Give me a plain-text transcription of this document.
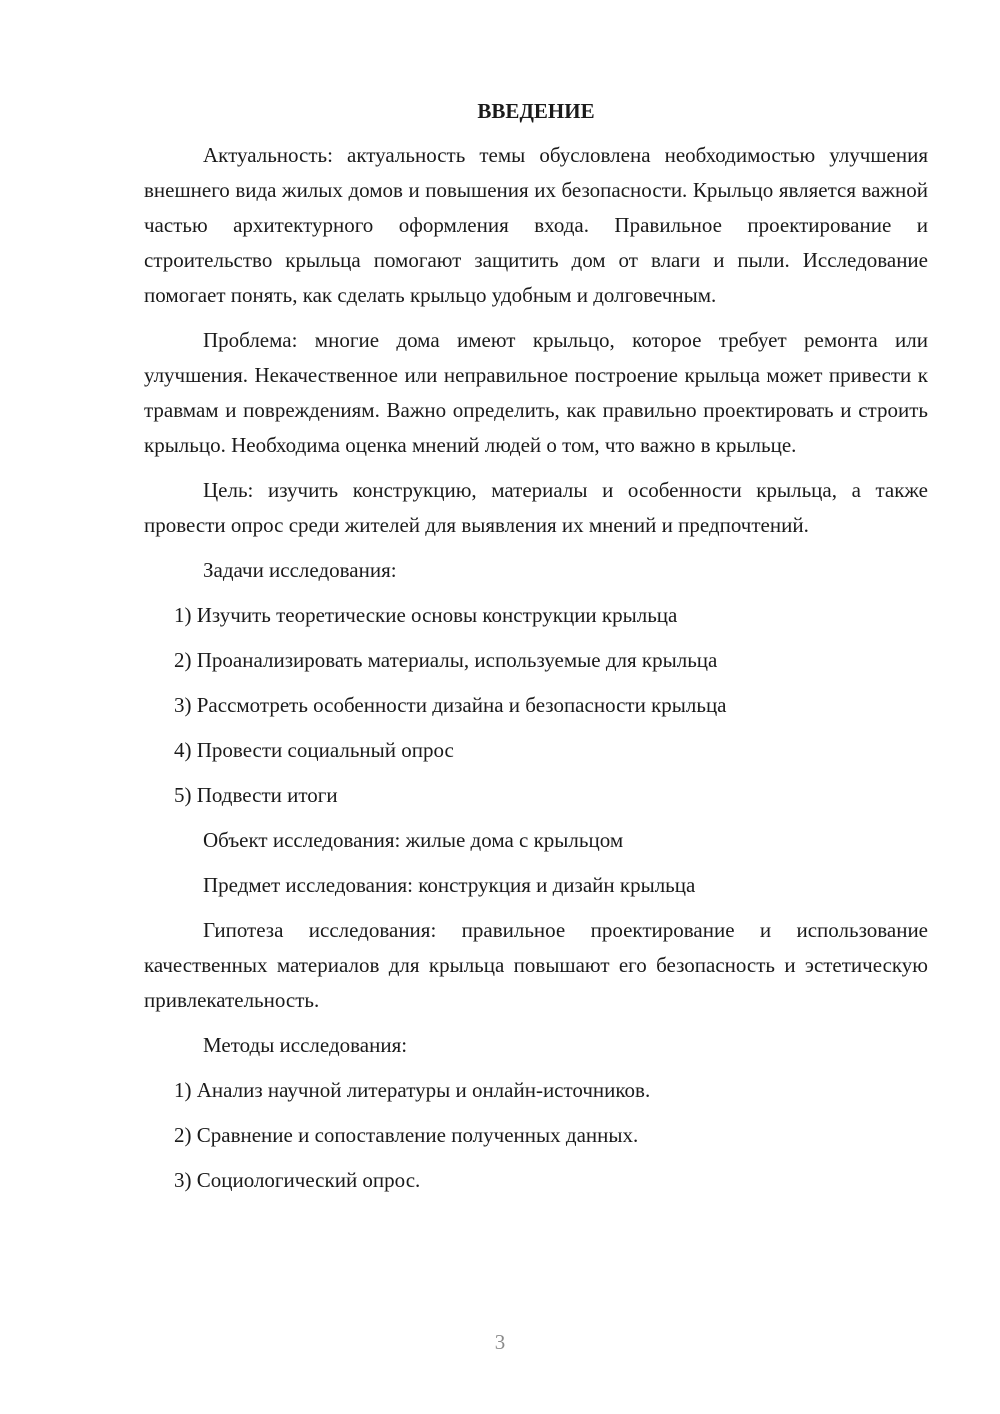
ВВЕДЕНИЕ

Актуальность: актуальность темы обусловлена необходимостью улучшения внешнего вида жилых домов и повышения их безопасности. Крыльцо является важной частью архитектурного оформления входа. Правильное проектирование и строительство крыльца помогают защитить дом от влаги и пыли. Исследование помогает понять, как сделать крыльцо удобным и долговечным.

Проблема: многие дома имеют крыльцо, которое требует ремонта или улучшения. Некачественное или неправильное построение крыльца может привести к травмам и повреждениям. Важно определить, как правильно проектировать и строить крыльцо. Необходима оценка мнений людей о том, что важно в крыльце.

Цель: изучить конструкцию, материалы и особенности крыльца, а также провести опрос среди жителей для выявления их мнений и предпочтений.

Задачи исследования:

1) Изучить теоретические основы конструкции крыльца
2) Проанализировать материалы, используемые для крыльца
3) Рассмотреть особенности дизайна и безопасности крыльца
4) Провести социальный опрос
5) Подвести итоги

Объект исследования: жилые дома с крыльцом

Предмет исследования: конструкция и дизайн крыльца

Гипотеза исследования: правильное проектирование и использование качественных материалов для крыльца повышают его безопасность и эстетическую привлекательность.

Методы исследования:

1) Анализ научной литературы и онлайн-источников.
2) Сравнение и сопоставление полученных данных.
3) Социологический опрос.
3
